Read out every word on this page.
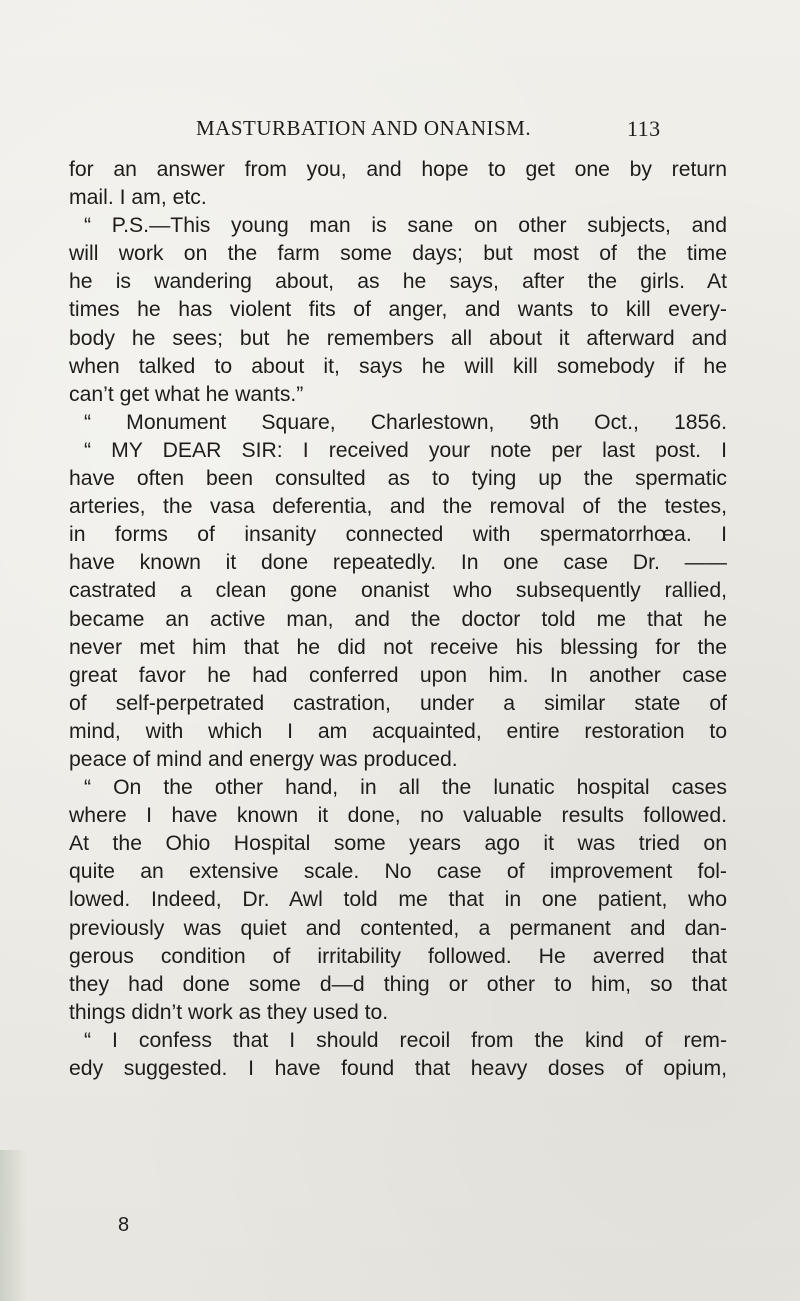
MASTURBATION AND ONANISM.	113
for an answer from you, and hope to get one by return
mail. I am, etc.
“ P.S.—This young man is sane on other subjects, and
will work on the farm some days; but most of the time
he is wandering about, as he says, after the girls. At
times he has violent fits of anger, and wants to kill every-
body he sees; but he remembers all about it afterward and
when talked to about it, says he will kill somebody if he
can’t get what he wants.”
“ Monument Square, Charlestown, 9th Oct., 1856.
“ MY DEAR SIR: I received your note per last post. I
have often been consulted as to tying up the spermatic
arteries, the vasa deferentia, and the removal of the testes,
in forms of insanity connected with spermatorrhœa. I
have known it done repeatedly. In one case Dr. ——
castrated a clean gone onanist who subsequently rallied,
became an active man, and the doctor told me that he
never met him that he did not receive his blessing for the
great favor he had conferred upon him. In another case
of self-perpetrated castration, under a similar state of
mind, with which I am acquainted, entire restoration to
peace of mind and energy was produced.
“ On the other hand, in all the lunatic hospital cases
where I have known it done, no valuable results followed.
At the Ohio Hospital some years ago it was tried on
quite an extensive scale. No case of improvement fol-
lowed. Indeed, Dr. Awl told me that in one patient, who
previously was quiet and contented, a permanent and dan-
gerous condition of irritability followed. He averred that
they had done some d—d thing or other to him, so that
things didn’t work as they used to.
“ I confess that I should recoil from the kind of rem-
edy suggested. I have found that heavy doses of opium,
8
